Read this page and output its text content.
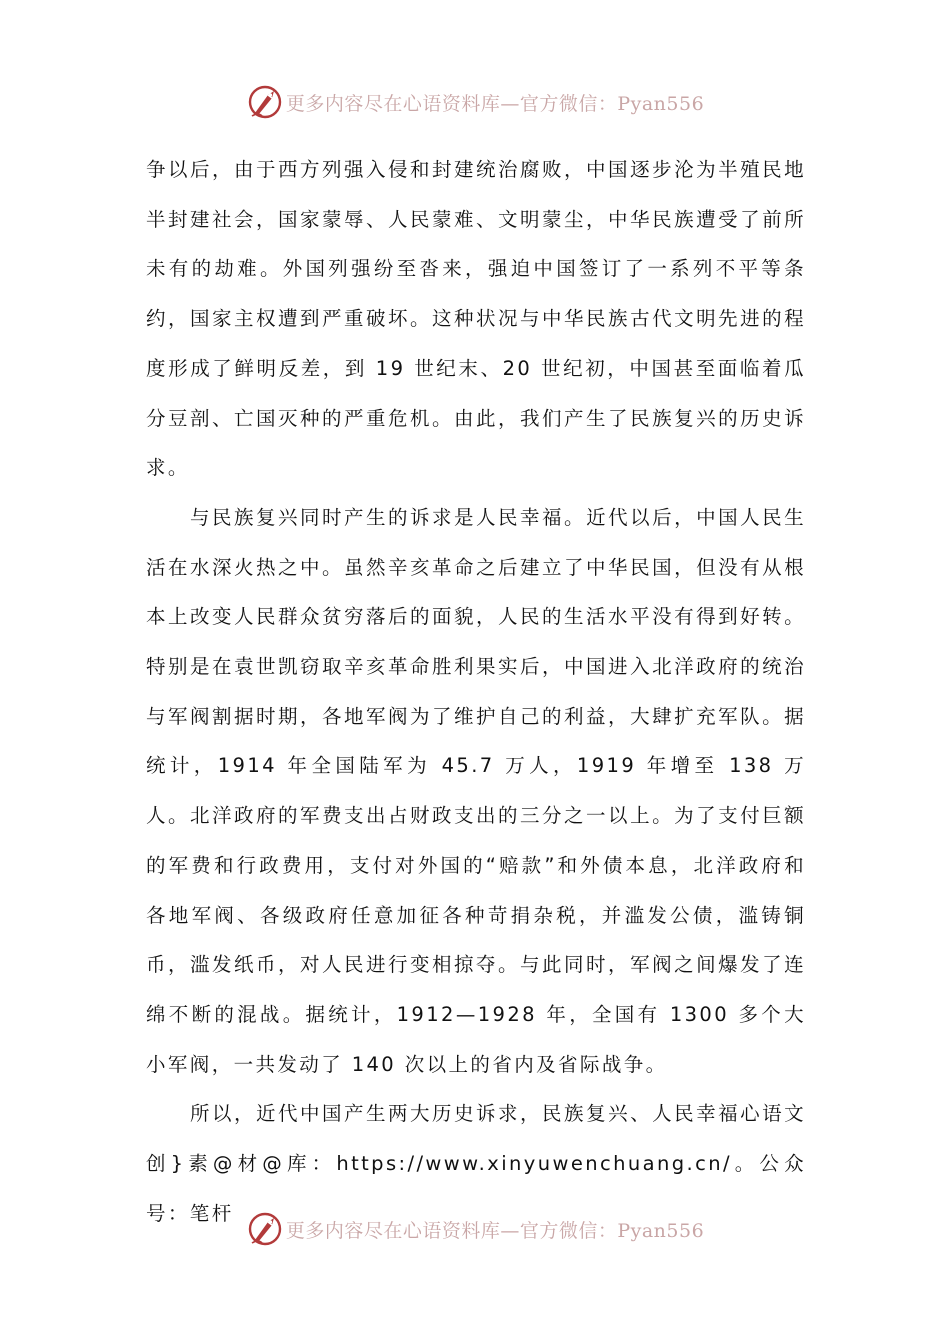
更多内容尽在心语资料库—官方微信：Pyan556

争以后，由于西方列强入侵和封建统治腐败，中国逐步沦为半殖民地半封建社会，国家蒙辱、人民蒙难、文明蒙尘，中华民族遭受了前所未有的劫难。外国列强纷至沓来，强迫中国签订了一系列不平等条约，国家主权遭到严重破坏。这种状况与中华民族古代文明先进的程度形成了鲜明反差，到 19 世纪末、20 世纪初，中国甚至面临着瓜分豆剖、亡国灭种的严重危机。由此，我们产生了民族复兴的历史诉求。

与民族复兴同时产生的诉求是人民幸福。近代以后，中国人民生活在水深火热之中。虽然辛亥革命之后建立了中华民国，但没有从根本上改变人民群众贫穷落后的面貌，人民的生活水平没有得到好转。特别是在袁世凯窃取辛亥革命胜利果实后，中国进入北洋政府的统治与军阀割据时期，各地军阀为了维护自己的利益，大肆扩充军队。据统计，1914 年全国陆军为 45.7 万人，1919 年增至 138 万人。北洋政府的军费支出占财政支出的三分之一以上。为了支付巨额的军费和行政费用，支付对外国的“赔款”和外债本息，北洋政府和各地军阀、各级政府任意加征各种苛捐杂税，并滥发公债，滥铸铜币，滥发纸币，对人民进行变相掠夺。与此同时，军阀之间爆发了连绵不断的混战。据统计，1912—1928 年，全国有 1300 多个大小军阀，一共发动了 140 次以上的省内及省际战争。

所以，近代中国产生两大历史诉求，民族复兴、人民幸福心语文创}素@材@库：https://www.xinyuwenchuang.cn/。公众号：笔杆

更多内容尽在心语资料库—官方微信：Pyan556
